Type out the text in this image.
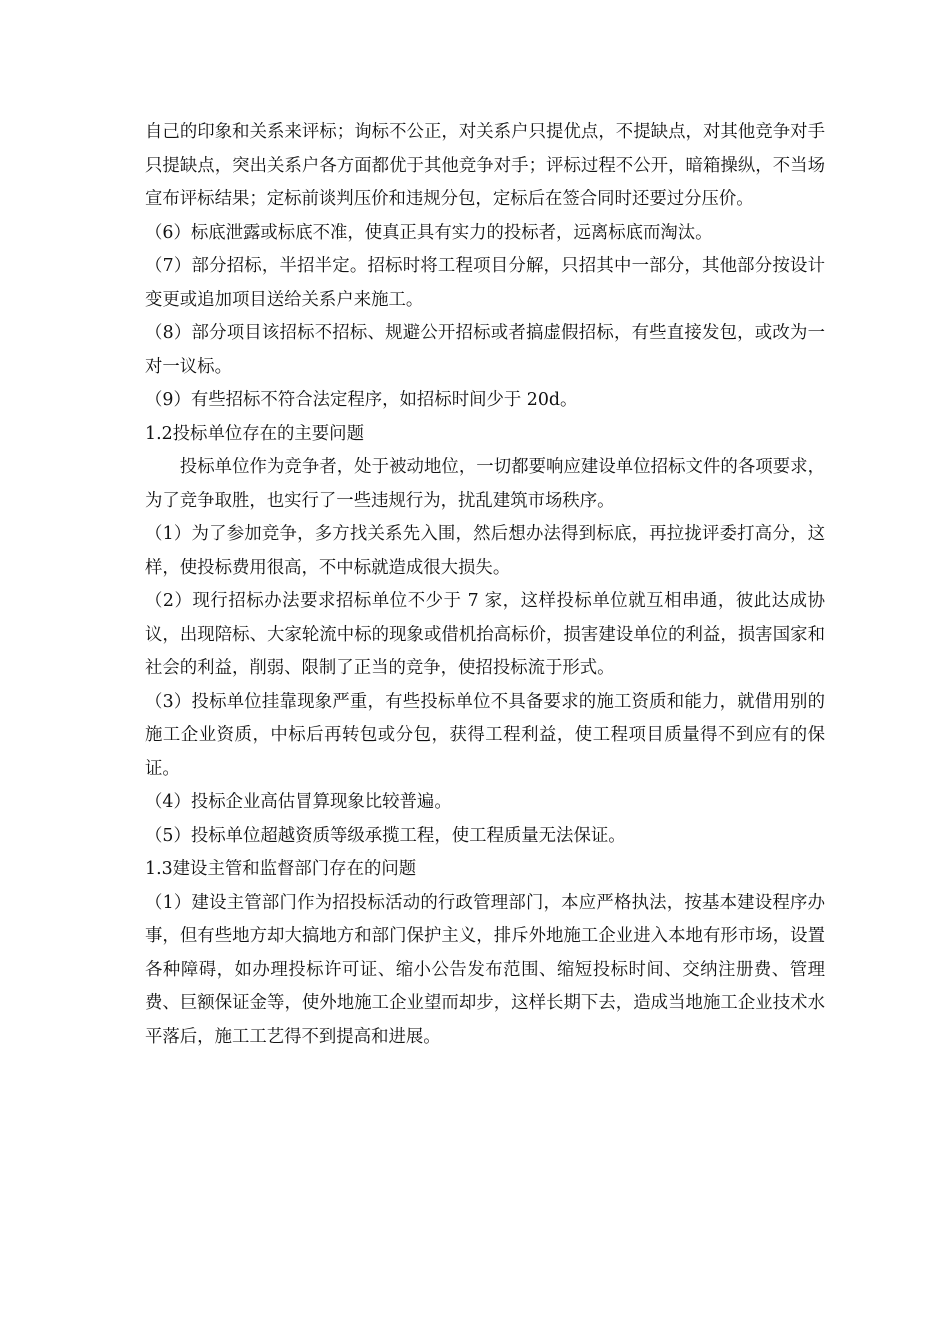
自己的印象和关系来评标；询标不公正，对关系户只提优点，不提缺点，对其他竞争对手只提缺点，突出关系户各方面都优于其他竞争对手；评标过程不公开，暗箱操纵，不当场宣布评标结果；定标前谈判压价和违规分包，定标后在签合同时还要过分压价。

（6）标底泄露或标底不准，使真正具有实力的投标者，远离标底而淘汰。

（7）部分招标，半招半定。招标时将工程项目分解，只招其中一部分，其他部分按设计变更或追加项目送给关系户来施工。

（8）部分项目该招标不招标、规避公开招标或者搞虚假招标，有些直接发包，或改为一对一议标。

（9）有些招标不符合法定程序，如招标时间少于 20d。

1.2投标单位存在的主要问题

投标单位作为竞争者，处于被动地位，一切都要响应建设单位招标文件的各项要求，为了竞争取胜，也实行了一些违规行为，扰乱建筑市场秩序。

（1）为了参加竞争，多方找关系先入围，然后想办法得到标底，再拉拢评委打高分，这样，使投标费用很高，不中标就造成很大损失。

（2）现行招标办法要求招标单位不少于 7 家，这样投标单位就互相串通，彼此达成协议，出现陪标、大家轮流中标的现象或借机抬高标价，损害建设单位的利益，损害国家和社会的利益，削弱、限制了正当的竞争，使招投标流于形式。

（3）投标单位挂靠现象严重，有些投标单位不具备要求的施工资质和能力，就借用别的施工企业资质，中标后再转包或分包，获得工程利益，使工程项目质量得不到应有的保证。

（4）投标企业高估冒算现象比较普遍。

（5）投标单位超越资质等级承揽工程，使工程质量无法保证。

1.3建设主管和监督部门存在的问题

（1）建设主管部门作为招投标活动的行政管理部门，本应严格执法，按基本建设程序办事，但有些地方却大搞地方和部门保护主义，排斥外地施工企业进入本地有形市场，设置各种障碍，如办理投标许可证、缩小公告发布范围、缩短投标时间、交纳注册费、管理费、巨额保证金等，使外地施工企业望而却步，这样长期下去，造成当地施工企业技术水平落后，施工工艺得不到提高和进展。
